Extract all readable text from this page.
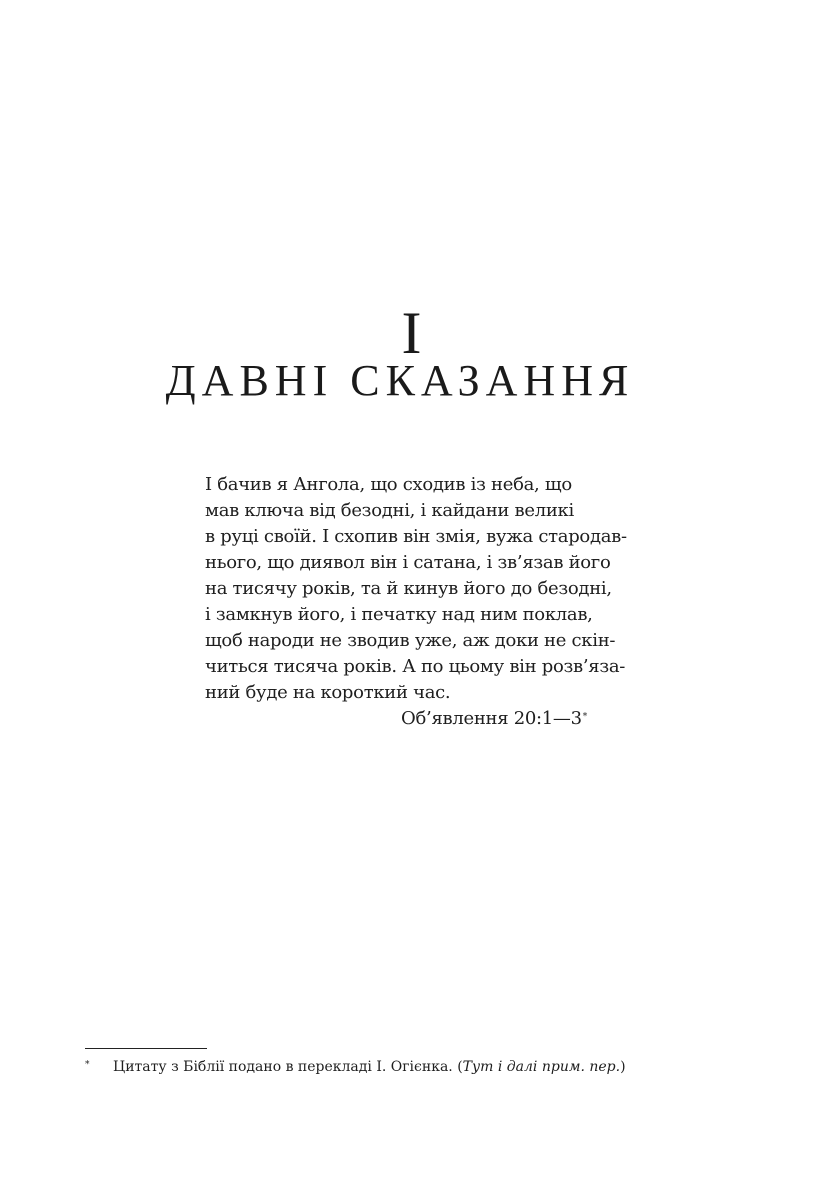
I
ДАВНІ СКАЗАННЯ
І бачив я Ангола, що сходив із неба, що
мав ключа від безодні, і кайдани великі
в руці своїй. І схопив він змія, вужа стародав-
нього, що диявол він і сатана, і зв’язав його
на тисячу років, та й кинув його до безодні,
і замкнув його, і печатку над ним поклав,
щоб народи не зводив уже, аж доки не скін-
читься тисяча років. А по цьому він розв’яза-
ний буде на короткий час.
Об’явлення 20:1—3*
* Цитату з Біблії подано в перекладі І. Огієнка. (Тут і далі прим. пер.)
